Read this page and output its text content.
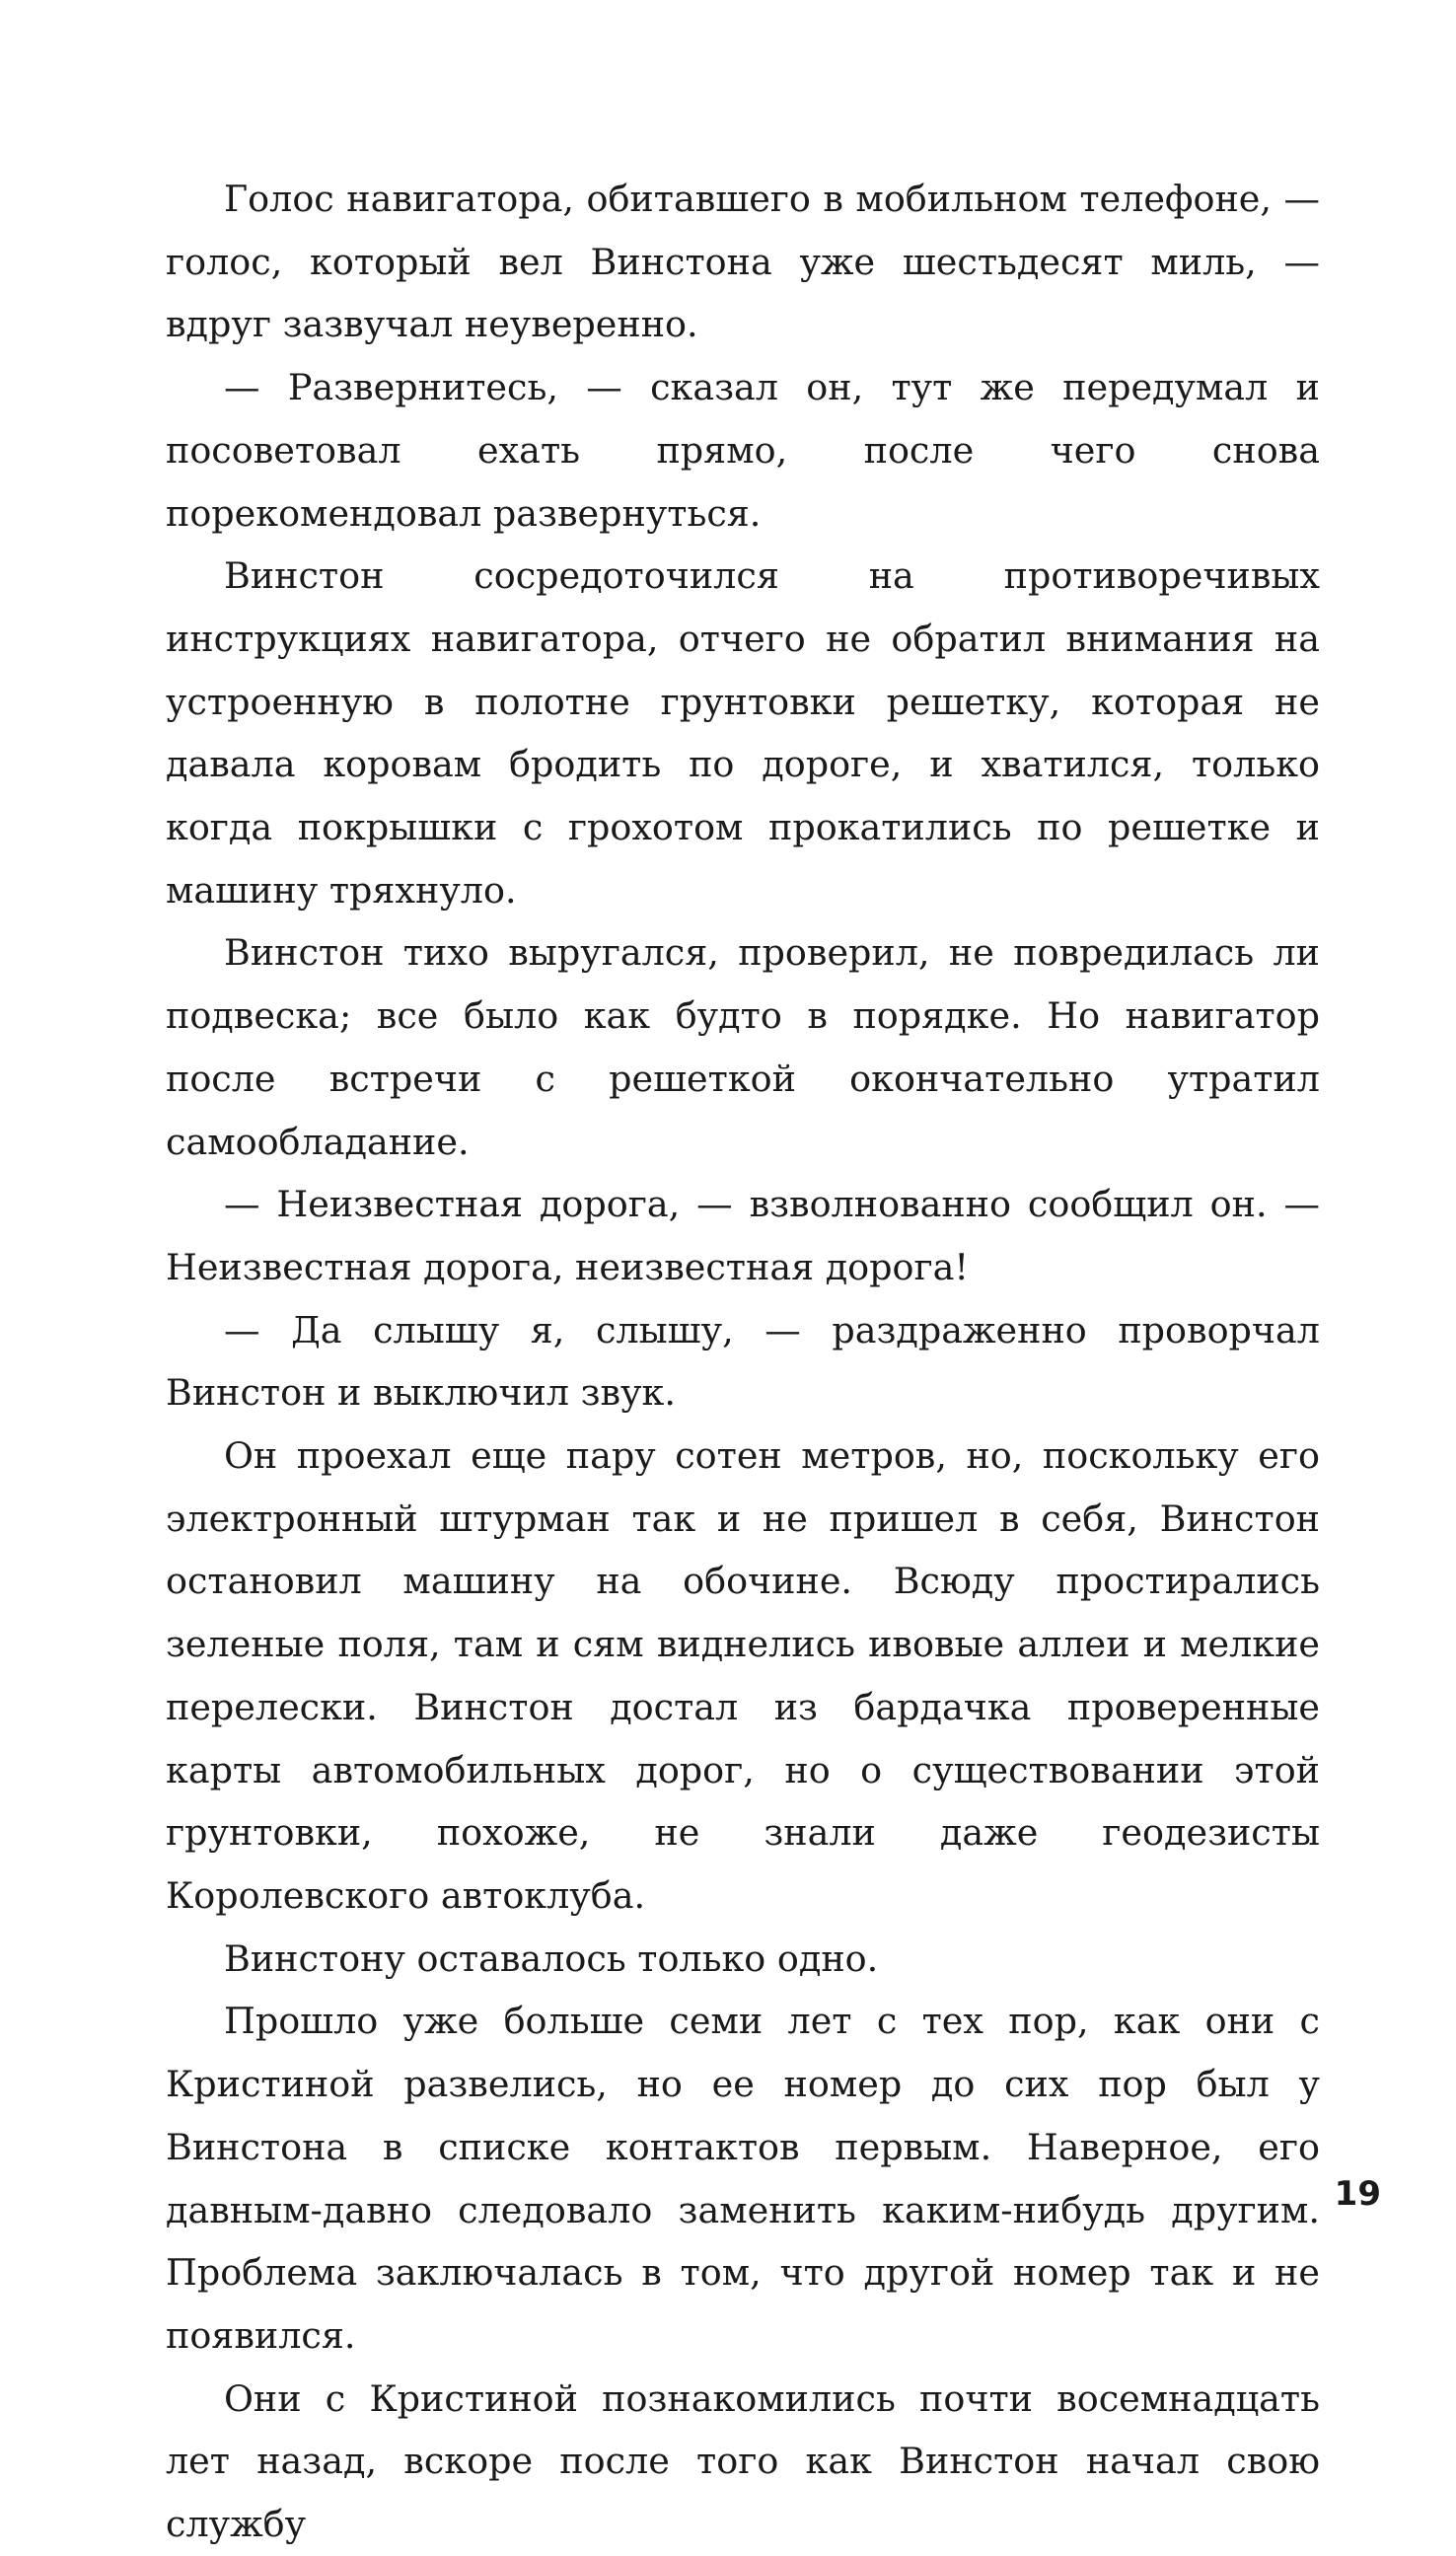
Голос навигатора, обитавшего в мобильном телефоне, — голос, который вел Винстона уже шестьдесят миль, — вдруг зазвучал неуверенно.

— Развернитесь, — сказал он, тут же передумал и посоветовал ехать прямо, после чего снова порекомендовал развернуться.

Винстон сосредоточился на противоречивых инструкциях навигатора, отчего не обратил внимания на устроенную в полотне грунтовки решетку, которая не давала коровам бродить по дороге, и хватился, только когда покрышки с грохотом прокатились по решетке и машину тряхнуло.

Винстон тихо выругался, проверил, не повредилась ли подвеска; все было как будто в порядке. Но навигатор после встречи с решеткой окончательно утратил самообладание.

— Неизвестная дорога, — взволнованно сообщил он. — Неизвестная дорога, неизвестная дорога!

— Да слышу я, слышу, — раздраженно проворчал Винстон и выключил звук.

Он проехал еще пару сотен метров, но, поскольку его электронный штурман так и не пришел в себя, Винстон остановил машину на обочине. Всюду простирались зеленые поля, там и сям виднелись ивовые аллеи и мелкие перелески. Винстон достал из бардачка проверенные карты автомобильных дорог, но о существовании этой грунтовки, похоже, не знали даже геодезисты Королевского автоклуба.

Винстону оставалось только одно.

Прошло уже больше семи лет с тех пор, как они с Кристиной развелись, но ее номер до сих пор был у Винстона в списке контактов первым. Наверное, его давным-давно следовало заменить каким-нибудь другим. Проблема заключалась в том, что другой номер так и не появился.

Они с Кристиной познакомились почти восемнадцать лет назад, вскоре после того как Винстон начал свою службу

19
